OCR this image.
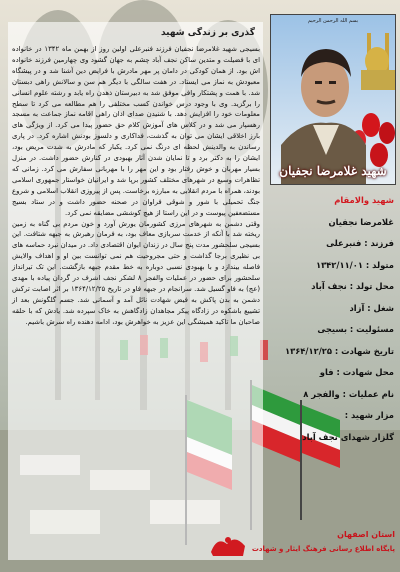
گذری بر زندگی شهید

بسیجی شهید غلامرضا نجفیان فرزند فنبرعلی اولین روز از بهمن ماه ۱۳۴۲ در خانواده ای با فضیلت و متدین ساکن نجف آباد چشم به جهان گشود وی چهارمین فرزند خانواده اش بود. از همان کودکی در دامان پر مهر مادرش با فرایض دین آشنا شد و در پیشگاه معبودش به نماز می ایستاد. در هفت سالگی با دیگر هم سن و سالانش راهی دبستان شد. با همت و پشتکار وافی موفق شد به دبیرستان ذهدن راه یابد و رشته علوم انسانی را برگزید. وی با وجود درس خواندن کسب مختلفی را هم مطالعه می کرد تا سطح معلومات خود را افزایش دهد. با شنیدن صدای اذان راهی اقامه نماز جماعت به مسجد رهسپار می شد و در کلاس های آموزش کلام حق حضور پیدا می کرد. از ویژگی های بارز اخلاقی ایشان می توان به گذشت، فداکاری و دلسوز بودنش اشاره کرد. در پاری رساندن به والدینش لحظه ای درنگ نمی کرد. یکبار که مادرش به شدت مریض بود، ایشان را به دکتر برد و تا نمایان شدن آثار بهبودی در کنارش حضور داشت. در منزل بسیار مهربان و خوش رفتار بود و این مهر را با مهربانی سفارش می کرد. زمانی که تظاهرات وسیع در شهرهای مختلف کشور برپا شد و ایرانیان خواستار جمهوری اسلامی بودند، همراه با مردم انقلابی به مبارزه برخاست. پس از پیروزی انقلاب اسلامی و شروع جنگ تحمیلی با شور و شوقی فراوان در صحنه حضور داشت و در ستاد بسیج مستضعفین پیوست و در این راستا از هیچ کوششی مضایقه نمی کرد.

وقتی دشمن به شهرهای مرزی کشورمان یورش آورد و خون مردم بی گناه به زمین ریخته شد با آنکه از خدمت سربازی معاف بود، به فرمان رهبرش به جبهه شتافت. این بسیجی سلحشور مدت پنج سال در زندان ایوان اقتصادی داد. در میدان نبرد حماسه های بی نظیری برجا گذاشت و حتی مجروحیت هم نمی توانست بین او و اهداف والایش فاصله بیندازد و با بهبودی نسبی دوباره به خط مقدم جبهه بازگشت. این تک تیرانداز سلحشور برای حضور در عملیات والفجر ۸ لشکر نجف اشرف در گردان پیاده با مهدی (عج) به فاو گسیل شد. سرانجام در جبهه فاو در تاریخ ۱۳۶۴/۱۲/۲۵ بر اثر اصابت ترکش دشمن به بدن پاکش به فیض شهادت نائل آمد و آسمانی شد. جسم گلگونش بعد از تشییع باشکوه در زادگاه پیکر مجاهدان زادگاهش به خاک سپرده شد. یادش که با حلقه صاحبان ما تاکید همیشگی این عزیز به خواهرش بود، ادامه دهنده راه سرش باشیم.

شهید غلامرضا نجفیان
بسم الله الرحمن الرحیم
شهید والامقام
غلامرضا نجفیان
فرزند : فنبرعلی
متولد : ۱۳۴۲/۱۱/۰۱
محل تولد : نجف آباد
شغل : آزاد
مسئولیت : بسیجی
تاریخ شهادت : ۱۳۶۴/۱۲/۲۵
محل شهادت : فاو
نام عملیات : والفجر ۸
مزار شهید :
گلزار شهدای نجف آباد
استان اصفهان
پایگاه اطلاع رسانی فرهنگ ایثار و شهادت
